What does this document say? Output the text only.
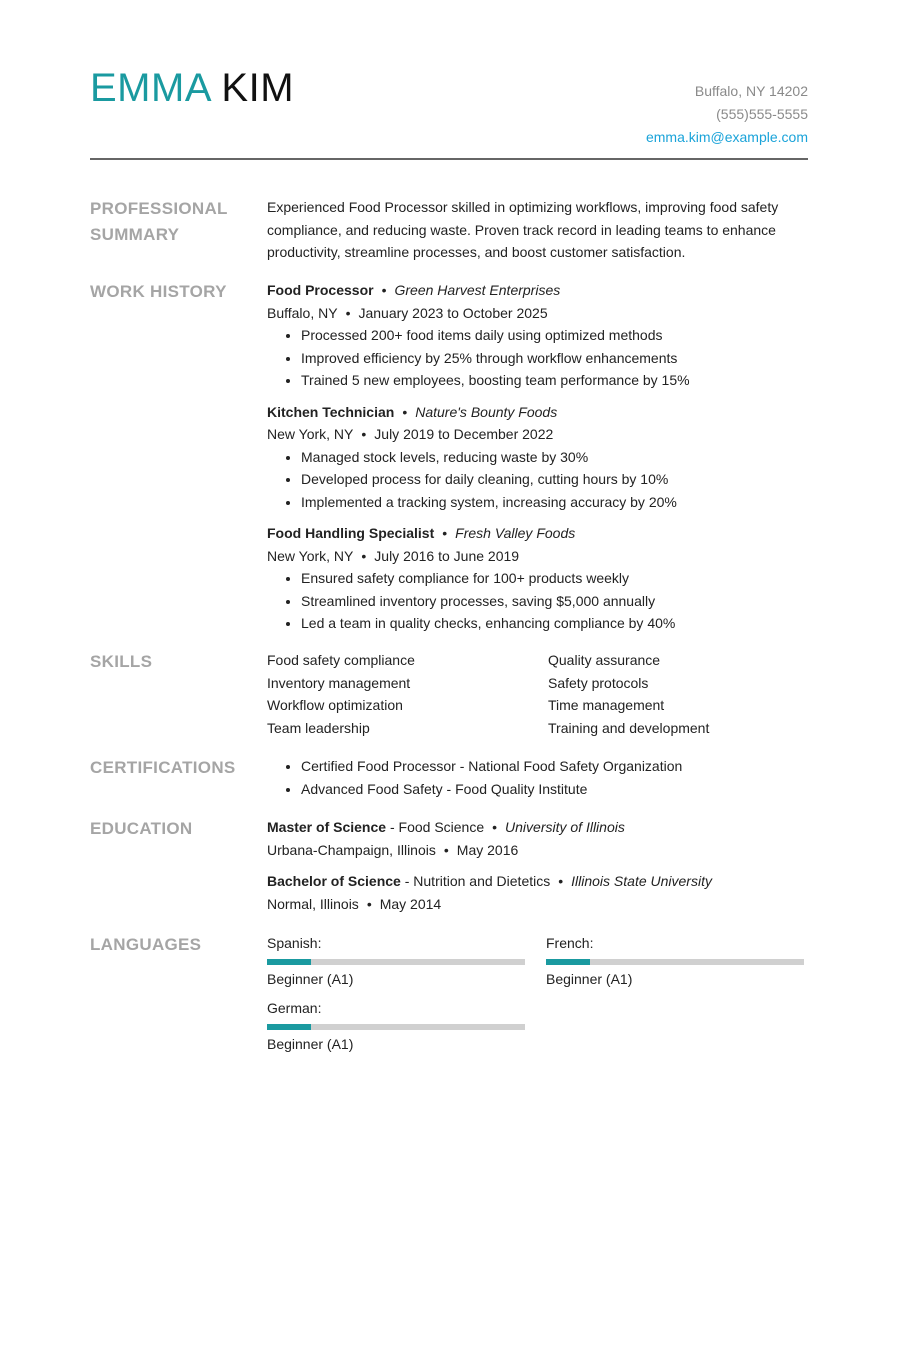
EMMA KIM	Buffalo, NY 14202
(555)555-5555
emma.kim@example.com
PROFESSIONAL SUMMARY
Experienced Food Processor skilled in optimizing workflows, improving food safety compliance, and reducing waste. Proven track record in leading teams to enhance productivity, streamline processes, and boost customer satisfaction.
WORK HISTORY	Food Processor • Green Harvest Enterprises
Buffalo, NY • January 2023 to October 2025
• Processed 200+ food items daily using optimized methods
• Improved efficiency by 25% through workflow enhancements
• Trained 5 new employees, boosting team performance by 15%
Kitchen Technician • Nature's Bounty Foods
New York, NY • July 2019 to December 2022
• Managed stock levels, reducing waste by 30%
• Developed process for daily cleaning, cutting hours by 10%
• Implemented a tracking system, increasing accuracy by 20%
Food Handling Specialist • Fresh Valley Foods
New York, NY • July 2016 to June 2019
• Ensured safety compliance for 100+ products weekly
• Streamlined inventory processes, saving $5,000 annually
• Led a team in quality checks, enhancing compliance by 40%
SKILLS	Food safety compliance	Quality assurance
Inventory management	Safety protocols
Workflow optimization	Time management
Team leadership	Training and development
CERTIFICATIONS
•	Certified Food Processor - National Food Safety Organization
• Advanced Food Safety - Food Quality Institute
EDUCATION	Master of Science - Food Science • University of Illinois
Urbana-Champaign, Illinois • May 2016
Bachelor of Science - Nutrition and Dietetics • Illinois State University
Normal, Illinois • May 2014
LANGUAGES	Spanish:
Beginner (A1)
French:
Beginner (A1)
German:
Beginner (A1)
